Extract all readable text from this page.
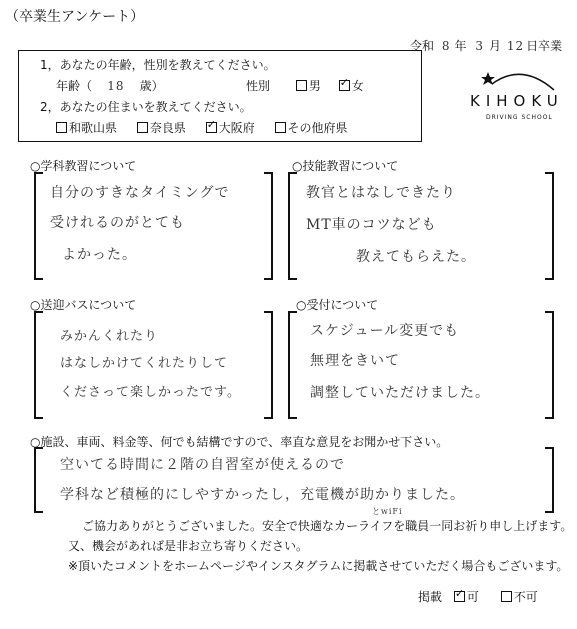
（卒業生アンケート）
令和 8 年 3 月 12 日卒業
1，あなたの年齢，性別を教えてください。
年齢（ 18 歳）	性別	男 ✓	女
2，あなたの住まいを教えてください。
和歌山県	奈良県 ✓	大阪府	その他府県
KIHOKU
DRIVING SCHOOL
○学科教習について
自分のすきなタイミングで
受けれるのがとても
よかった。
○技能教習について
教官とはなしできたり
MT車のコツなども
教えてもらえた。
○送迎バスについて
みかんくれたり
はなしかけてくれたりして
くださって楽しかったです。
○受付について
スケジュール変更でも
無理をきいて
調整していただけました。
○施設、車両、料金等、何でも結構ですので、率直な意見をお聞かせ下さい。
空いてる時間に２階の自習室が使えるので
学科など積極的にしやすかったし，充電機が助かりました。
とwiFi
ご協力ありがとうございました。安全で快適なカーライフを職員一同お祈り申し上げます。
又、機会があれば是非お立ち寄りください。
※頂いたコメントをホームページやインスタグラムに掲載させていただく場合もございます。
掲載 ✓ 可	不可
